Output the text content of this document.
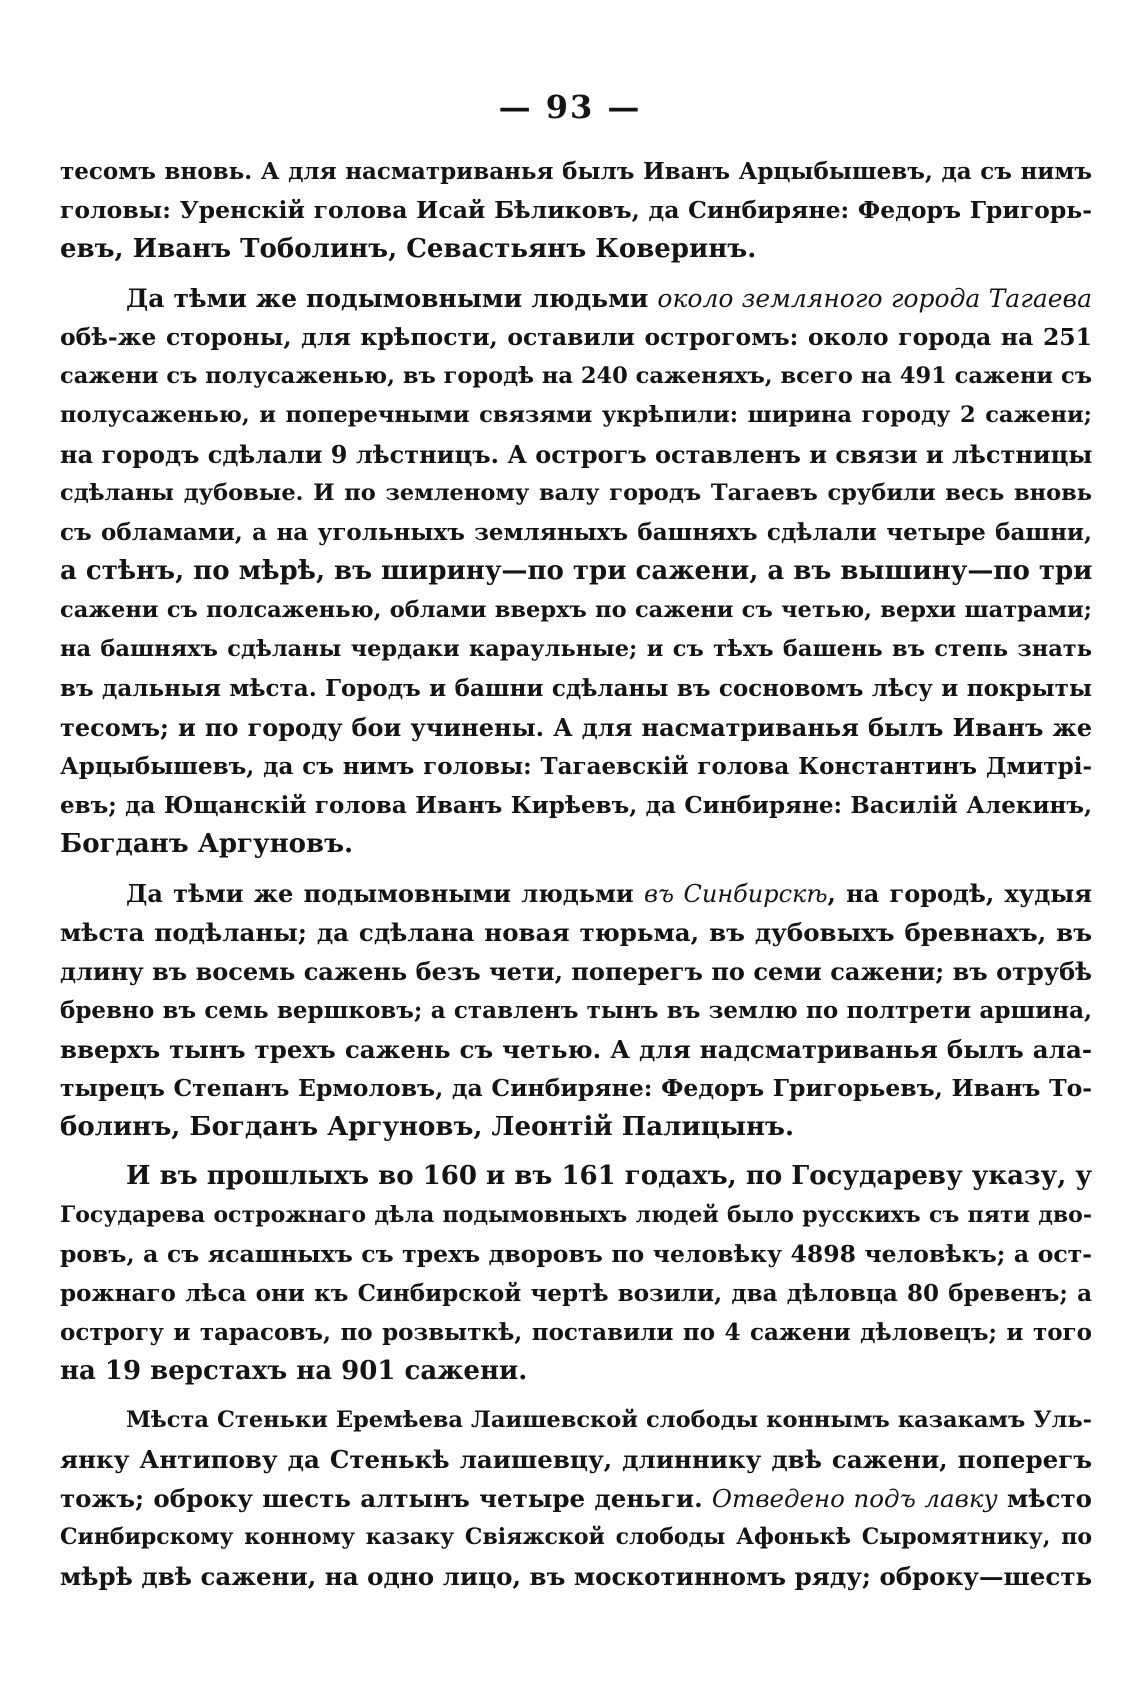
— 93 —
тесомъ вновь. А для насматриванья былъ Иванъ Арцыбышевъ, да съ нимъ
головы: Уренскій голова Исай Бѣликовъ, да Синбиряне: Федоръ Григорь-
евъ, Иванъ Тоболинъ, Севастьянъ Коверинъ.
Да тѣми же подымовными людьми около земляного города Тагаева
обѣ-же стороны, для крѣпости, оставили острогомъ: около города на 251
сажени съ полусаженью, въ городѣ на 240 саженяхъ, всего на 491 сажени съ
полусаженью, и поперечными связями укрѣпили: ширина городу 2 сажени;
на городъ сдѣлали 9 лѣстницъ. А острогъ оставленъ и связи и лѣстницы
сдѣланы дубовые. И по земленому валу городъ Тагаевъ срубили весь вновь
съ обламами, а на угольныхъ земляныхъ башняхъ сдѣлали четыре башни,
а стѣнъ, по мѣрѣ, въ ширину—по три сажени, а въ вышину—по три
сажени съ полсаженью, облами вверхъ по сажени съ четью, верхи шатрами;
на башняхъ сдѣланы чердаки караульные; и съ тѣхъ башень въ степь знать
въ дальныя мѣста. Городъ и башни сдѣланы въ сосновомъ лѣсу и покрыты
тесомъ; и по городу бои учинены. А для насматриванья былъ Иванъ же
Арцыбышевъ, да съ нимъ головы: Тагаевскій голова Константинъ Дмитрі-
евъ; да Ющанскій голова Иванъ Кирѣевъ, да Синбиряне: Василій Алекинъ,
Богданъ Аргуновъ.
Да тѣми же подымовными людьми въ Синбирскѣ, на городѣ, худыя
мѣста подѣланы; да сдѣлана новая тюрьма, въ дубовыхъ бревнахъ, въ
длину въ восемь сажень безъ чети, поперегъ по семи сажени; въ отрубѣ
бревно въ семь вершковъ; а ставленъ тынъ въ землю по полтрети аршина,
вверхъ тынъ трехъ сажень съ четью. А для надсматриванья былъ ала-
тырецъ Степанъ Ермоловъ, да Синбиряне: Федоръ Григорьевъ, Иванъ То-
болинъ, Богданъ Аргуновъ, Леонтій Палицынъ.
И въ прошлыхъ во 160 и въ 161 годахъ, по Государеву указу, у
Государева острожнаго дѣла подымовныхъ людей было русскихъ съ пяти дво-
ровъ, а съ ясашныхъ съ трехъ дворовъ по человѣку 4898 человѣкъ; а ост-
рожнаго лѣса они къ Синбирской чертѣ возили, два дѣловца 80 бревенъ; а
острогу и тарасовъ, по розвыткѣ, поставили по 4 сажени дѣловецъ; и того
на 19 верстахъ на 901 сажени.
Мѣста Стеньки Еремѣева Лаишевской слободы коннымъ казакамъ Уль-
янку Антипову да Стенькѣ лаишевцу, длиннику двѣ сажени, поперегъ
тожъ; оброку шесть алтынъ четыре деньги. Отведено подъ лавку мѣсто
Синбирскому конному казаку Свіяжской слободы Афонькѣ Сыромятнику, по
мѣрѣ двѣ сажени, на одно лицо, въ москотинномъ ряду; оброку—шесть
